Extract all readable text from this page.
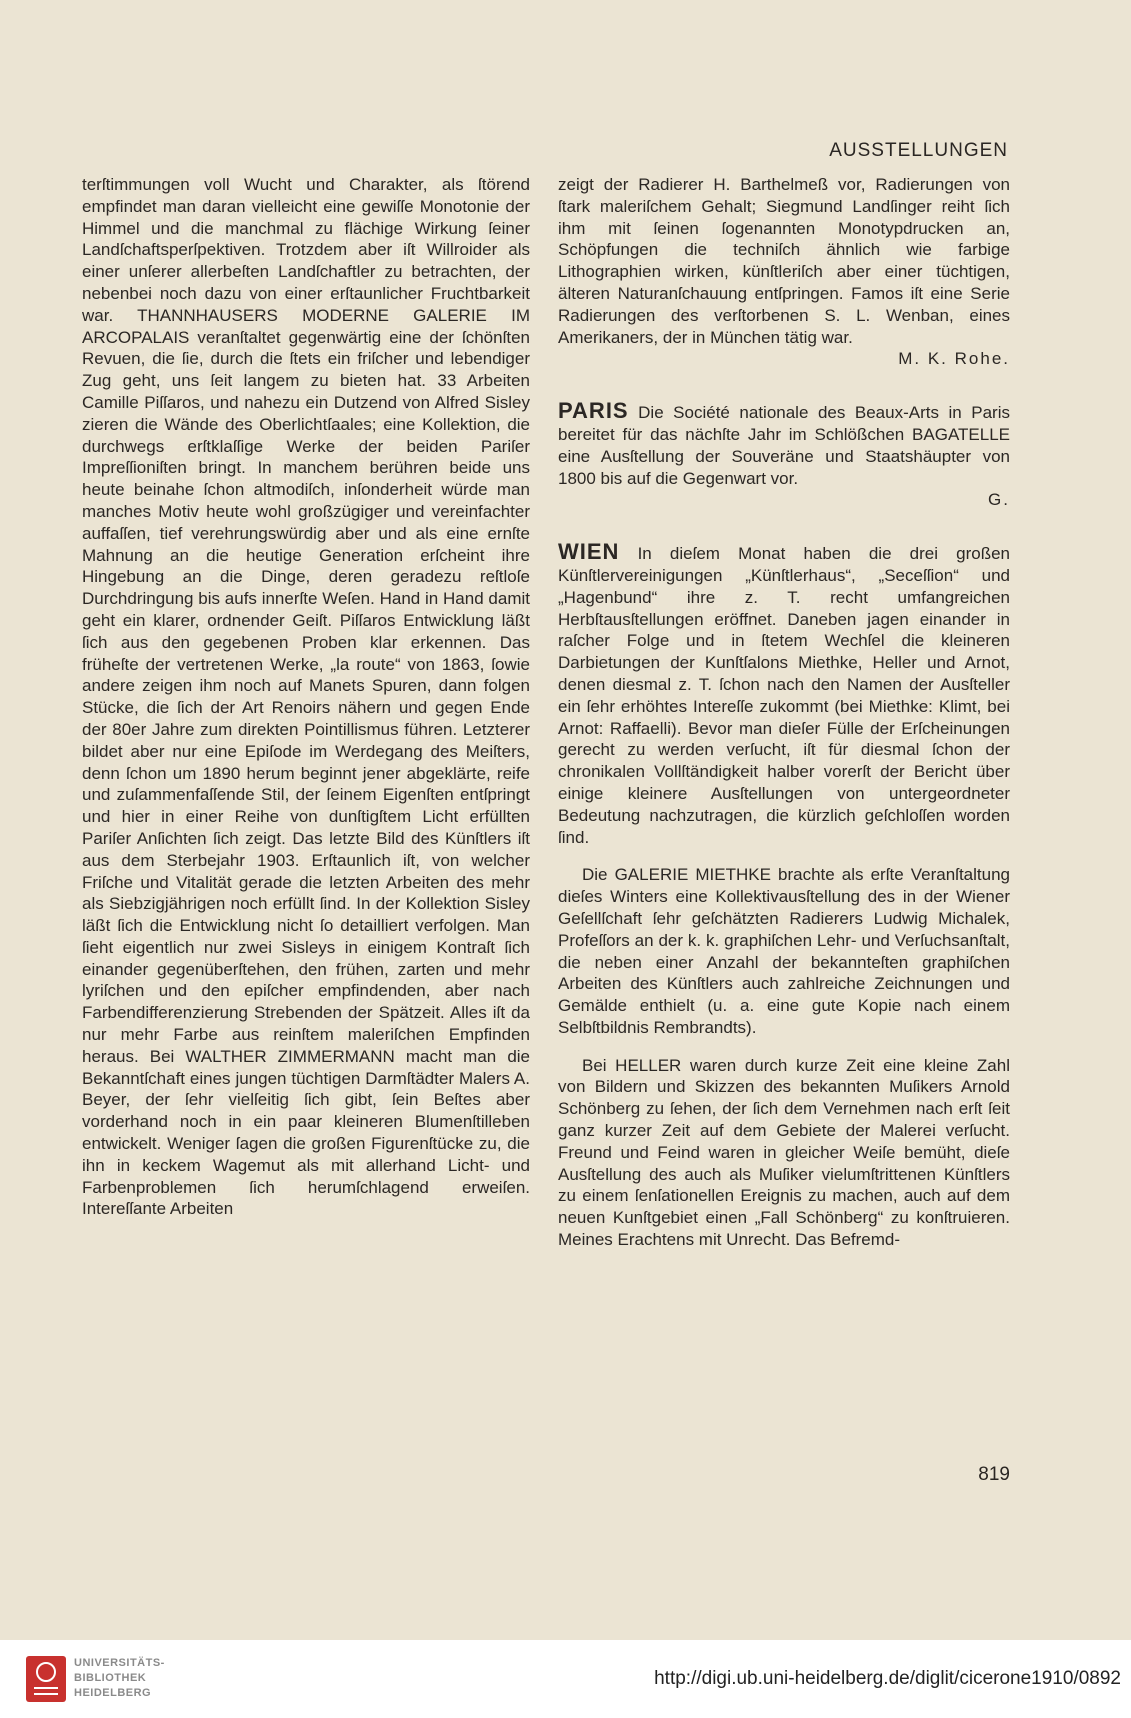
AUSSTELLUNGEN

terſtimmungen voll Wucht und Charakter, als ſtörend empfindet man daran vielleicht eine gewiſſe Monotonie der Himmel und die manchmal zu flächige Wirkung ſeiner Landſchaftsperſpektiven. Trotzdem aber iſt Willroider als einer unſerer allerbeſten Landſchaftler zu betrachten, der nebenbei noch dazu von einer erſtaunlicher Fruchtbarkeit war. THANNHAUSERS MODERNE GALERIE IM ARCOPALAIS veranſtaltet gegenwärtig eine der ſchönſten Revuen, die ſie, durch die ſtets ein friſcher und lebendiger Zug geht, uns ſeit langem zu bieten hat. 33 Arbeiten Camille Piſſaros, und nahezu ein Dutzend von Alfred Sisley zieren die Wände des Oberlichtſaales; eine Kollektion, die durchwegs erſtklaſſige Werke der beiden Pariſer Impreſſioniſten bringt. In manchem berühren beide uns heute beinahe ſchon altmodiſch, inſonderheit würde man manches Motiv heute wohl großzügiger und vereinfachter auffaſſen, tief verehrungswürdig aber und als eine ernſte Mahnung an die heutige Generation erſcheint ihre Hingebung an die Dinge, deren geradezu reſtloſe Durchdringung bis aufs innerſte Weſen. Hand in Hand damit geht ein klarer, ordnender Geiſt. Piſſaros Entwicklung läßt ſich aus den gegebenen Proben klar erkennen. Das frühеſte der vertretenen Werke, „la route“ von 1863, ſowie andere zeigen ihm noch auf Manets Spuren, dann folgen Stücke, die ſich der Art Renoirs nähern und gegen Ende der 80er Jahre zum direkten Pointillismus führen. Letzterer bildet aber nur eine Epiſode im Werdegang des Meiſters, denn ſchon um 1890 herum beginnt jener abgeklärte, reife und zuſammenfaſſende Stil, der ſeinem Eigenſten entſpringt und hier in einer Reihe von dunſtigſtem Licht erfüllten Pariſer Anſichten ſich zeigt. Das letzte Bild des Künſtlers iſt aus dem Sterbejahr 1903. Erſtaunlich iſt, von welcher Friſche und Vitalität gerade die letzten Arbeiten des mehr als Siebzigjährigen noch erfüllt ſind. In der Kollektion Sisley läßt ſich die Entwicklung nicht ſo detailliert verfolgen. Man ſieht eigentlich nur zwei Sisleys in einigem Kontraſt ſich einander gegenüberſtehen, den frühen, zarten und mehr lyriſchen und den epiſcher empfindenden, aber nach Farbendifferenzierung Strebenden der Spätzeit. Alles iſt da nur mehr Farbe aus reinſtem maleriſchen Empfinden heraus. Bei WALTHER ZIMMERMANN macht man die Bekanntſchaft eines jungen tüchtigen Darmſtädter Malers A. Beyer, der ſehr vielſeitig ſich gibt, ſein Beſtes aber vorderhand noch in ein paar kleineren Blumenſtilleben entwickelt. Weniger ſagen die großen Figurenſtücke zu, die ihn in keckem Wagemut als mit allerhand Licht- und Farbenproblemen ſich herumſchlagend erweiſen. Intereſſante Arbeiten

zeigt der Radierer H. Barthelmeß vor, Radierungen von ſtark maleriſchem Gehalt; Siegmund Landſinger reiht ſich ihm mit ſeinen ſogenannten Monotypdrucken an, Schöpfungen die techniſch ähnlich wie farbige Lithographien wirken, künſtleriſch aber einer tüchtigen, älteren Naturanſchauung entſpringen. Famos iſt eine Serie Radierungen des verſtorbenen S. L. Wenban, eines Amerikaners, der in München tätig war.

M. K. Rohe.

PARIS Die Société nationale des Beaux-Arts in Paris bereitet für das nächſte Jahr im Schlößchen BAGATELLE eine Ausſtellung der Souveräne und Staatshäupter von 1800 bis auf die Gegenwart vor.

G.

WIEN In dieſem Monat haben die drei großen Künſtlervereinigungen „Künſtlerhaus“, „Seceſſion“ und „Hagenbund“ ihre z. T. recht umfangreichen Herbſtausſtellungen eröffnet. Daneben jagen einander in raſcher Folge und in ſtetem Wechſel die kleineren Darbietungen der Kunſtſalons Miethke, Heller und Arnot, denen diesmal z. T. ſchon nach den Namen der Ausſteller ein ſehr erhöhtes Intereſſe zukommt (bei Miethke: Klimt, bei Arnot: Raffaelli). Bevor man dieſer Fülle der Erſcheinungen gerecht zu werden verſucht, iſt für diesmal ſchon der chronikalen Vollſtändigkeit halber vorerſt der Bericht über einige kleinere Ausſtellungen von untergeordneter Bedeutung nachzutragen, die kürzlich geſchloſſen worden ſind.

Die GALERIE MIETHKE brachte als erſte Veranſtaltung dieſes Winters eine Kollektivausſtellung des in der Wiener Geſellſchaft ſehr geſchätzten Radierers Ludwig Michalek, Profeſſors an der k. k. graphiſchen Lehr- und Verſuchsanſtalt, die neben einer Anzahl der bekannteſten graphiſchen Arbeiten des Künſtlers auch zahlreiche Zeichnungen und Gemälde enthielt (u. a. eine gute Kopie nach einem Selbſtbildnis Rembrandts).

Bei HELLER waren durch kurze Zeit eine kleine Zahl von Bildern und Skizzen des bekannten Muſikers Arnold Schönberg zu ſehen, der ſich dem Vernehmen nach erſt ſeit ganz kurzer Zeit auf dem Gebiete der Malerei verſucht. Freund und Feind waren in gleicher Weiſe bemüht, dieſe Ausſtellung des auch als Muſiker vielumſtrittenen Künſtlers zu einem ſenſationellen Ereignis zu machen, auch auf dem neuen Kunſtgebiet einen „Fall Schönberg“ zu konſtruieren. Meines Erachtens mit Unrecht. Das Befremd-

819
UNIVERSITÄTS-
BIBLIOTHEK
HEIDELBERG
http://digi.ub.uni-heidelberg.de/diglit/cicerone1910/0892
